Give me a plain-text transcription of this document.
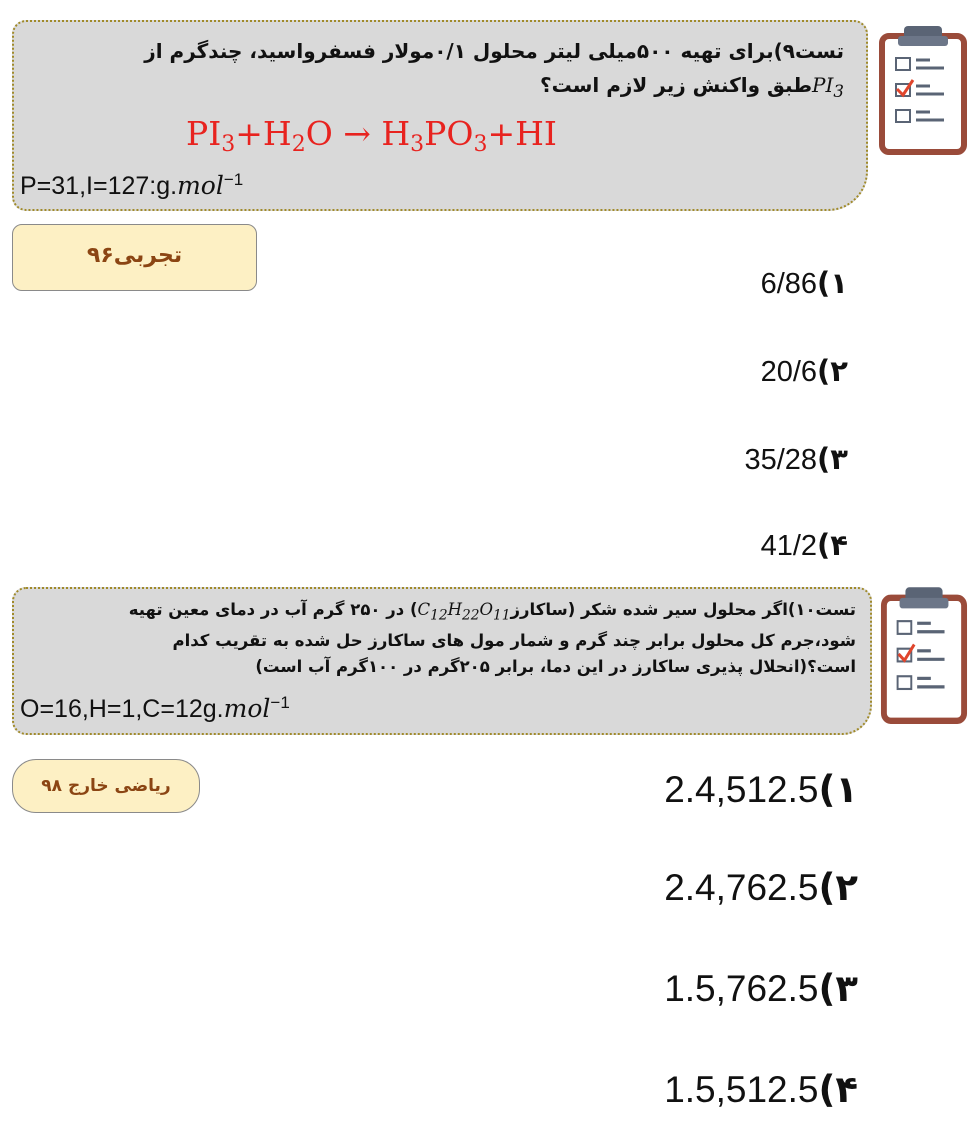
تست۹)برای تهیه ۵۰۰میلی لیتر محلول ۰/۱مولار فسفرواسید، چندگرم از
$PI_3طبق$ واکنش زیر لازم است؟
$PI_3+H_2O \to H_3PO_3+HI$
P=31,I=127:g.mol$^{-1}$
تجربی۹۶
6/86(۱
20/6(۲
35/28(۳
41/2(۴
تست۱۰)اگر محلول سیر شده شکر $(ساکارزC_{12}H_{22}O_{11})$ در ۲۵۰ گرم آب در دمای معین تهیه
شود،جرم کل محلول برابر چند گرم و شمار مول های ساکارز حل شده به تقریب کدام
است؟(انحلال پذیری ساکارز در این دما، برابر ۲۰۵گرم در ۱۰۰گرم آب است)
O=16,H=1,C=12g.mol$^{-1}$
ریاضی خارج ۹۸	2.4,512.5(۱
2.4,762.5(۲
1.5,762.5(۳
1.5,512.5(۴
